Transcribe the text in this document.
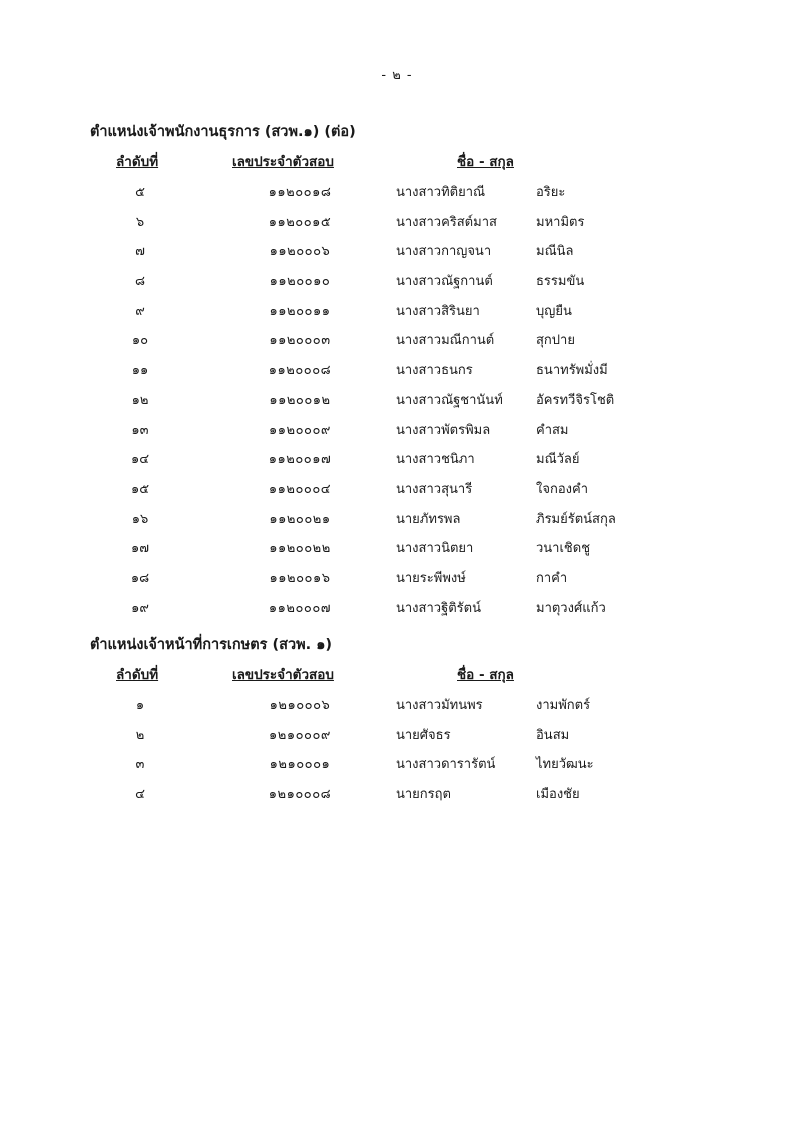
- ๒ -
ตำแหน่งเจ้าพนักงานธุรการ (สวพ.๑) (ต่อ)
ลำดับที่	เลขประจำตัวสอบ	ชื่อ - สกุล
๕	๑๑๒๐๐๑๘	นางสาวทิติยาณี	อริยะ
๖	๑๑๒๐๐๑๕	นางสาวคริสต์มาส	มหามิตร
๗	๑๑๒๐๐๐๖	นางสาวกาญจนา	มณีนิล
๘	๑๑๒๐๐๑๐	นางสาวณัฐกานต์	ธรรมขัน
๙	๑๑๒๐๐๑๑	นางสาวสิรินยา	บุญยืน
๑๐	๑๑๒๐๐๐๓	นางสาวมณีกานต์	สุกปาย
๑๑	๑๑๒๐๐๐๘	นางสาวธนกร	ธนาทรัพมั่งมี
๑๒	๑๑๒๐๐๑๒	นางสาวณัฐชานันท์	อัครทวีจิรโชติ
๑๓	๑๑๒๐๐๐๙	นางสาวพัตรพิมล	คำสม
๑๔	๑๑๒๐๐๑๗	นางสาวชนิภา	มณีวัลย์
๑๕	๑๑๒๐๐๐๔	นางสาวสุนารี	ใจกองคำ
๑๖	๑๑๒๐๐๒๑	นายภัทรพล	ภิรมย์รัตน์สกุล
๑๗	๑๑๒๐๐๒๒	นางสาวนิตยา	วนาเชิดชู
๑๘	๑๑๒๐๐๑๖	นายระพีพงษ์	กาคำ
๑๙	๑๑๒๐๐๐๗	นางสาวฐิติรัตน์	มาตุวงศ์แก้ว
ตำแหน่งเจ้าหน้าที่การเกษตร (สวพ. ๑)
ลำดับที่	เลขประจำตัวสอบ	ชื่อ - สกุล
๑	๑๒๑๐๐๐๖	นางสาวมัทนพร	งามพักตร์
๒	๑๒๑๐๐๐๙	นายศัจธร	อินสม
๓	๑๒๑๐๐๐๑	นางสาวดารารัตน์	ไทยวัฒนะ
๔	๑๒๑๐๐๐๘	นายกรฤต	เมืองชัย
